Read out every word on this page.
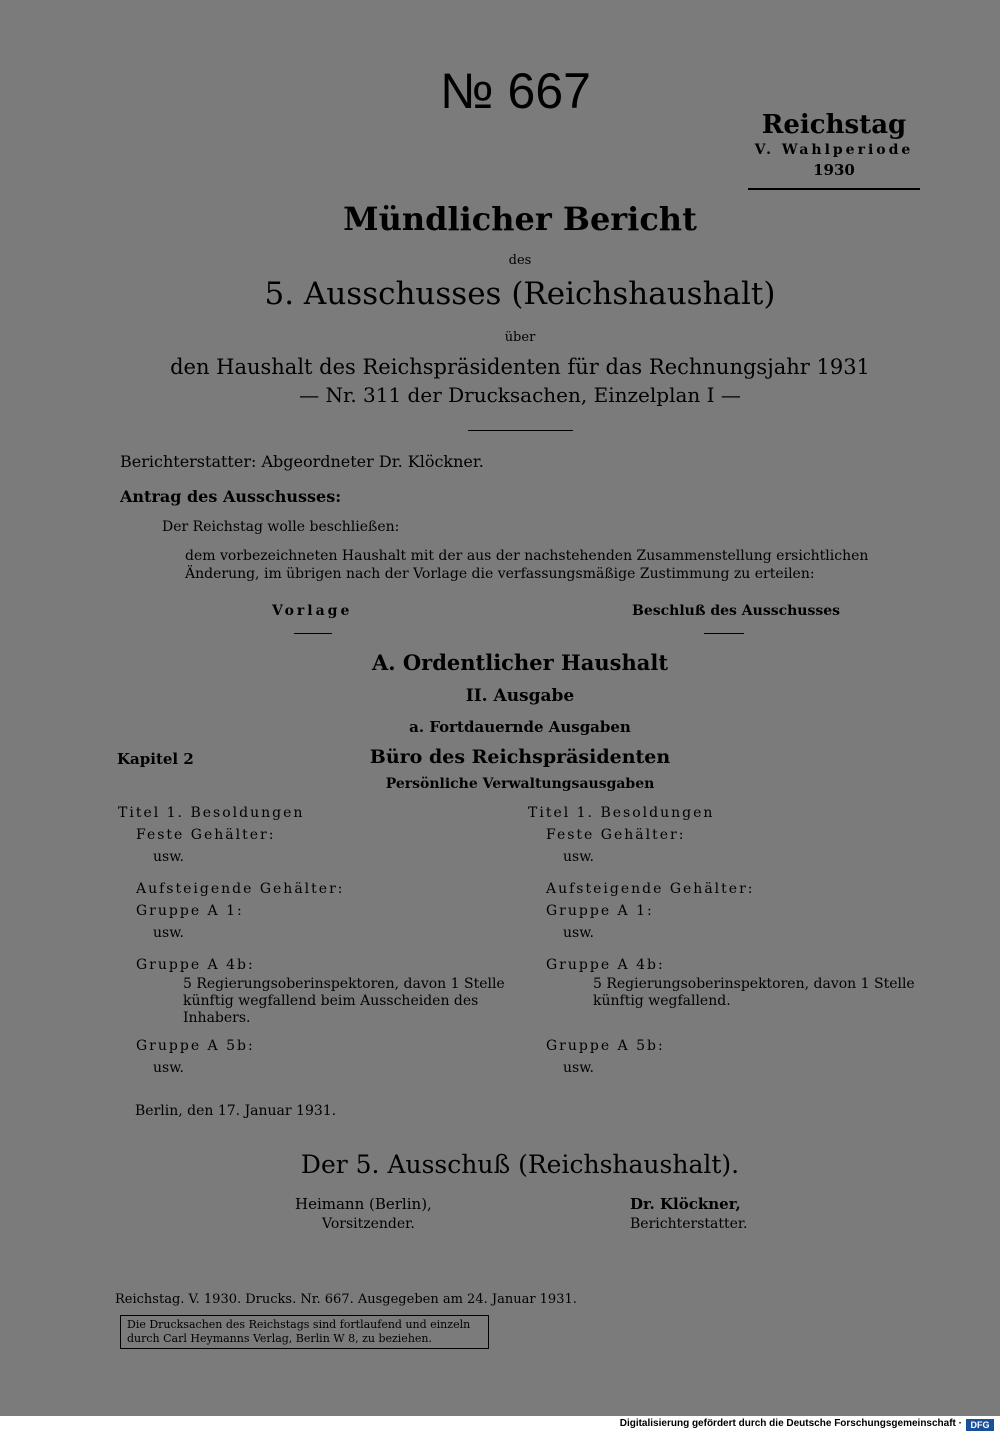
№ 667
Reichstag
V. Wahlperiode
1930
Mündlicher Bericht
des
5. Ausschusses (Reichshaushalt)
über
den Haushalt des Reichspräsidenten für das Rechnungsjahr 1931
— Nr. 311 der Drucksachen, Einzelplan I —
Berichterstatter: Abgeordneter Dr. Klöckner.
Antrag des Ausschusses:
Der Reichstag wolle beschließen:
dem vorbezeichneten Haushalt mit der aus der nachstehenden Zusammenstellung ersichtlichen Änderung, im übrigen nach der Vorlage die verfassungsmäßige Zustimmung zu erteilen:
Vorlage	Beschluß des Ausschusses
A. Ordentlicher Haushalt
II. Ausgabe
a. Fortdauernde Ausgaben
Kapitel 2	Büro des Reichspräsidenten
Persönliche Verwaltungsausgaben
Titel 1. Besoldungen
Feste Gehälter:
usw.
Aufsteigende Gehälter:
Gruppe A 1:
usw.
Gruppe A 4b:
5 Regierungsoberinspektoren, davon 1 Stelle künftig wegfallend beim Ausscheiden des Inhabers.
Gruppe A 5b:
usw.
Titel 1. Besoldungen
Feste Gehälter:
usw.
Aufsteigende Gehälter:
Gruppe A 1:
usw.
Gruppe A 4b:
5 Regierungsoberinspektoren, davon 1 Stelle künftig wegfallend.
Gruppe A 5b:
usw.
Berlin, den 17. Januar 1931.
Der 5. Ausschuß (Reichshaushalt).
Heimann (Berlin),
Vorsitzender.
Dr. Klöckner,
Berichterstatter.
Reichstag. V. 1930. Drucks. Nr. 667. Ausgegeben am 24. Januar 1931.
Die Drucksachen des Reichstags sind fortlaufend und einzeln durch Carl Heymanns Verlag, Berlin W 8, zu beziehen.
Digitalisierung gefördert durch die Deutsche Forschungsgemeinschaft · DFG
